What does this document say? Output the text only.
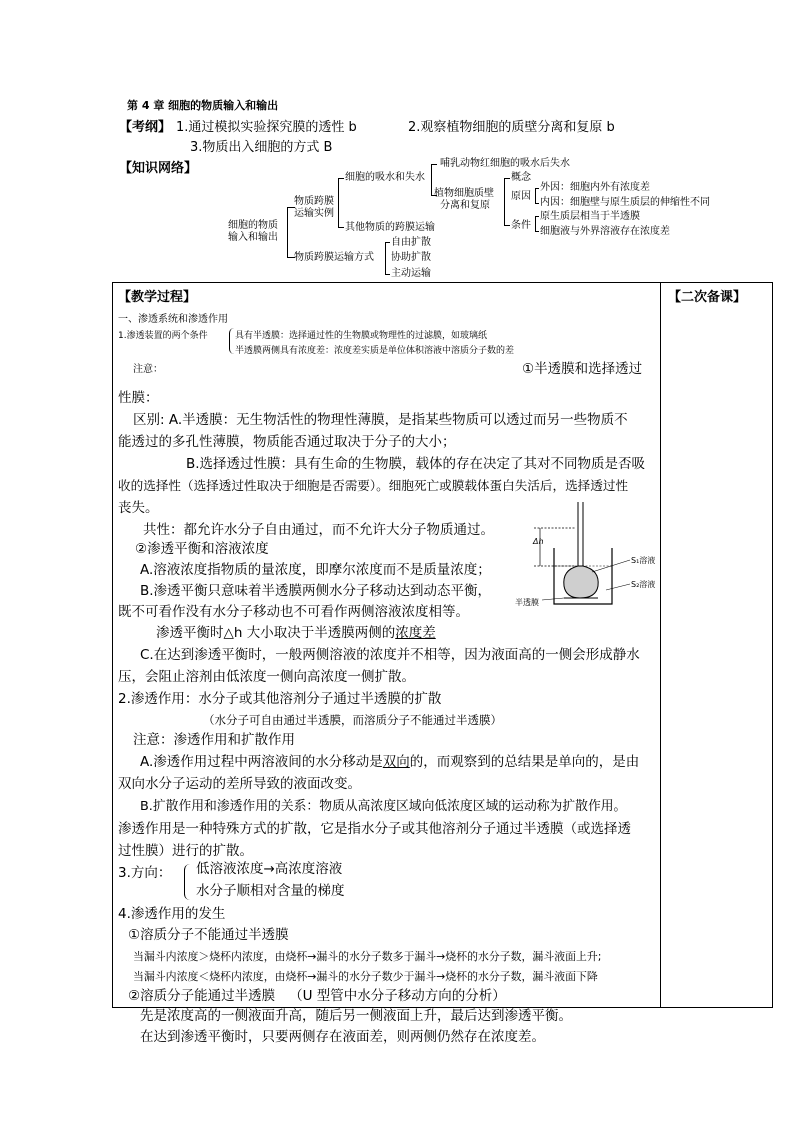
第 4 章 细胞的物质输入和输出
【考纲】 1.通过模拟实验探究膜的透性 b	2.观察植物细胞的质壁分离和复原 b
3.物质出入细胞的方式 B
【知识网络】
细胞的物质
输入和输出
物质跨膜
运输实例
物质跨膜运输方式
细胞的吸水和失水
其他物质的跨膜运输
哺乳动物红细胞的吸水后失水
植物细胞质壁
分离和复原
概念
原因
条件
外因：细胞内外有浓度差
内因：细胞壁与原生质层的伸缩性不同
原生质层相当于半透膜
细胞液与外界溶液存在浓度差
自由扩散
协助扩散
主动运输
【教学过程】	【二次备课】
一、渗透系统和渗透作用
1.渗透装置的两个条件	具有半透膜：选择通过性的生物膜或物理性的过滤膜，如玻璃纸
半透膜两侧具有浓度差：浓度差实质是单位体积溶液中溶质分子数的差
注意：	①半透膜和选择透过
性膜：
区别: A.半透膜：无生物活性的物理性薄膜，是指某些物质可以透过而另一些物质不
能透过的多孔性薄膜，物质能否通过取决于分子的大小；
B.选择透过性膜：具有生命的生物膜，载体的存在决定了其对不同物质是否吸
收的选择性（选择透过性取决于细胞是否需要）。细胞死亡或膜载体蛋白失活后，选择透过性
丧失。
共性：都允许水分子自由通过，而不允许大分子物质通过。
②渗透平衡和溶液浓度
A.溶液浓度指物质的量浓度，即摩尔浓度而不是质量浓度；
B.渗透平衡只意味着半透膜两侧水分子移动达到动态平衡，
既不可看作没有水分子移动也不可看作两侧溶液浓度相等。
渗透平衡时△h 大小取决于半透膜两侧的浓度差
C.在达到渗透平衡时，一般两侧溶液的浓度并不相等，因为液面高的一侧会形成静水
压，会阻止溶剂由低浓度一侧向高浓度一侧扩散。
2.渗透作用：水分子或其他溶剂分子通过半透膜的扩散
（水分子可自由通过半透膜，而溶质分子不能通过半透膜）
注意：渗透作用和扩散作用
A.渗透作用过程中两溶液间的水分移动是双向的，而观察到的总结果是单向的，是由
双向水分子运动的差所导致的液面改变。
B.扩散作用和渗透作用的关系：物质从高浓度区域向低浓度区域的运动称为扩散作用。
渗透作用是一种特殊方式的扩散，它是指水分子或其他溶剂分子通过半透膜（或选择透
过性膜）进行的扩散。
3.方向： 低溶液浓度→高浓度溶液
水分子顺相对含量的梯度
4.渗透作用的发生
①溶质分子不能通过半透膜
当漏斗内浓度＞烧杯内浓度，由烧杯→漏斗的水分子数多于漏斗→烧杯的水分子数，漏斗液面上升;
当漏斗内浓度＜烧杯内浓度，由烧杯→漏斗的水分子数少于漏斗→烧杯的水分子数，漏斗液面下降
②溶质分子能通过半透膜 （U 型管中水分子移动方向的分析）
先是浓度高的一侧液面升高，随后另一侧液面上升，最后达到渗透平衡。
在达到渗透平衡时，只要两侧存在液面差，则两侧仍然存在浓度差。
Δh
S₁溶液
S₂溶液
半透膜
